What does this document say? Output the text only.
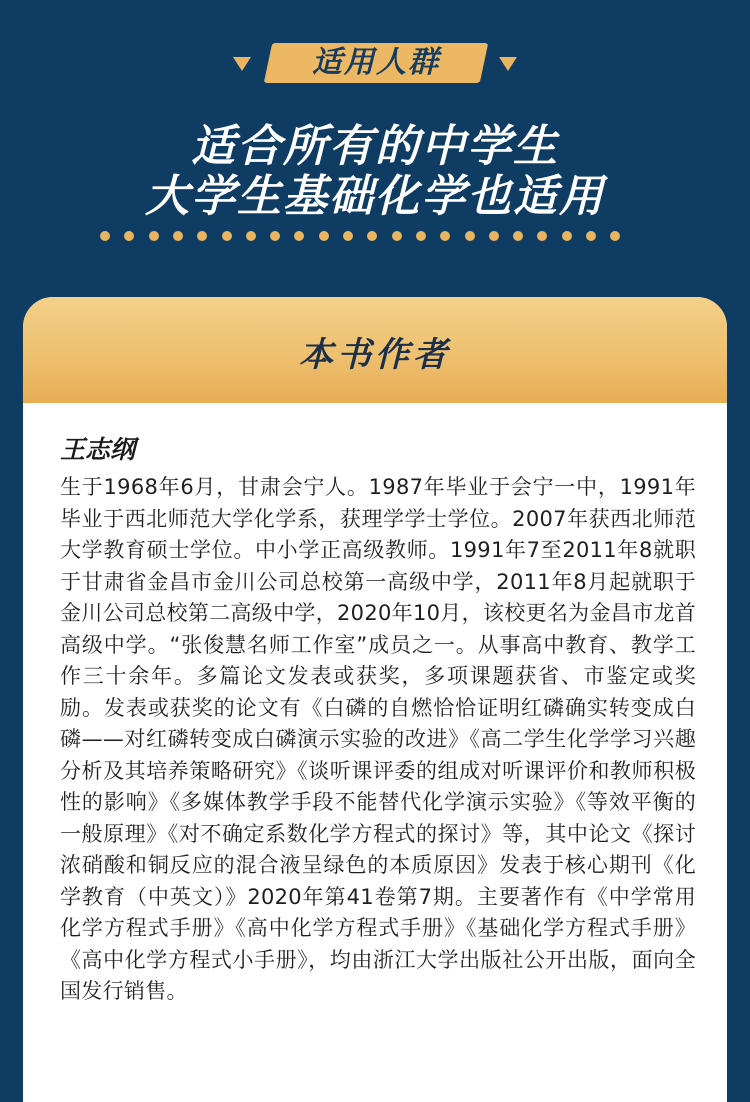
适用人群
适合所有的中学生
大学生基础化学也适用
本书作者
王志纲
生于1968年6月，甘肃会宁人。1987年毕业于会宁一中，1991年毕业于西北师范大学化学系，获理学学士学位。2007年获西北师范大学教育硕士学位。中小学正高级教师。1991年7至2011年8就职于甘肃省金昌市金川公司总校第一高级中学，2011年8月起就职于金川公司总校第二高级中学，2020年10月，该校更名为金昌市龙首高级中学。“张俊慧名师工作室”成员之一。从事高中教育、教学工作三十余年。多篇论文发表或获奖，多项课题获省、市鉴定或奖励。发表或获奖的论文有《白磷的自燃恰恰证明红磷确实转变成白磷——对红磷转变成白磷演示实验的改进》《高二学生化学学习兴趣分析及其培养策略研究》《谈听课评委的组成对听课评价和教师积极性的影响》《多媒体教学手段不能替代化学演示实验》《等效平衡的一般原理》《对不确定系数化学方程式的探讨》等，其中论文《探讨浓硝酸和铜反应的混合液呈绿色的本质原因》发表于核心期刊《化学教育（中英文）》2020年第41卷第7期。主要著作有《中学常用化学方程式手册》《高中化学方程式手册》《基础化学方程式手册》《高中化学方程式小手册》，均由浙江大学出版社公开出版，面向全国发行销售。
